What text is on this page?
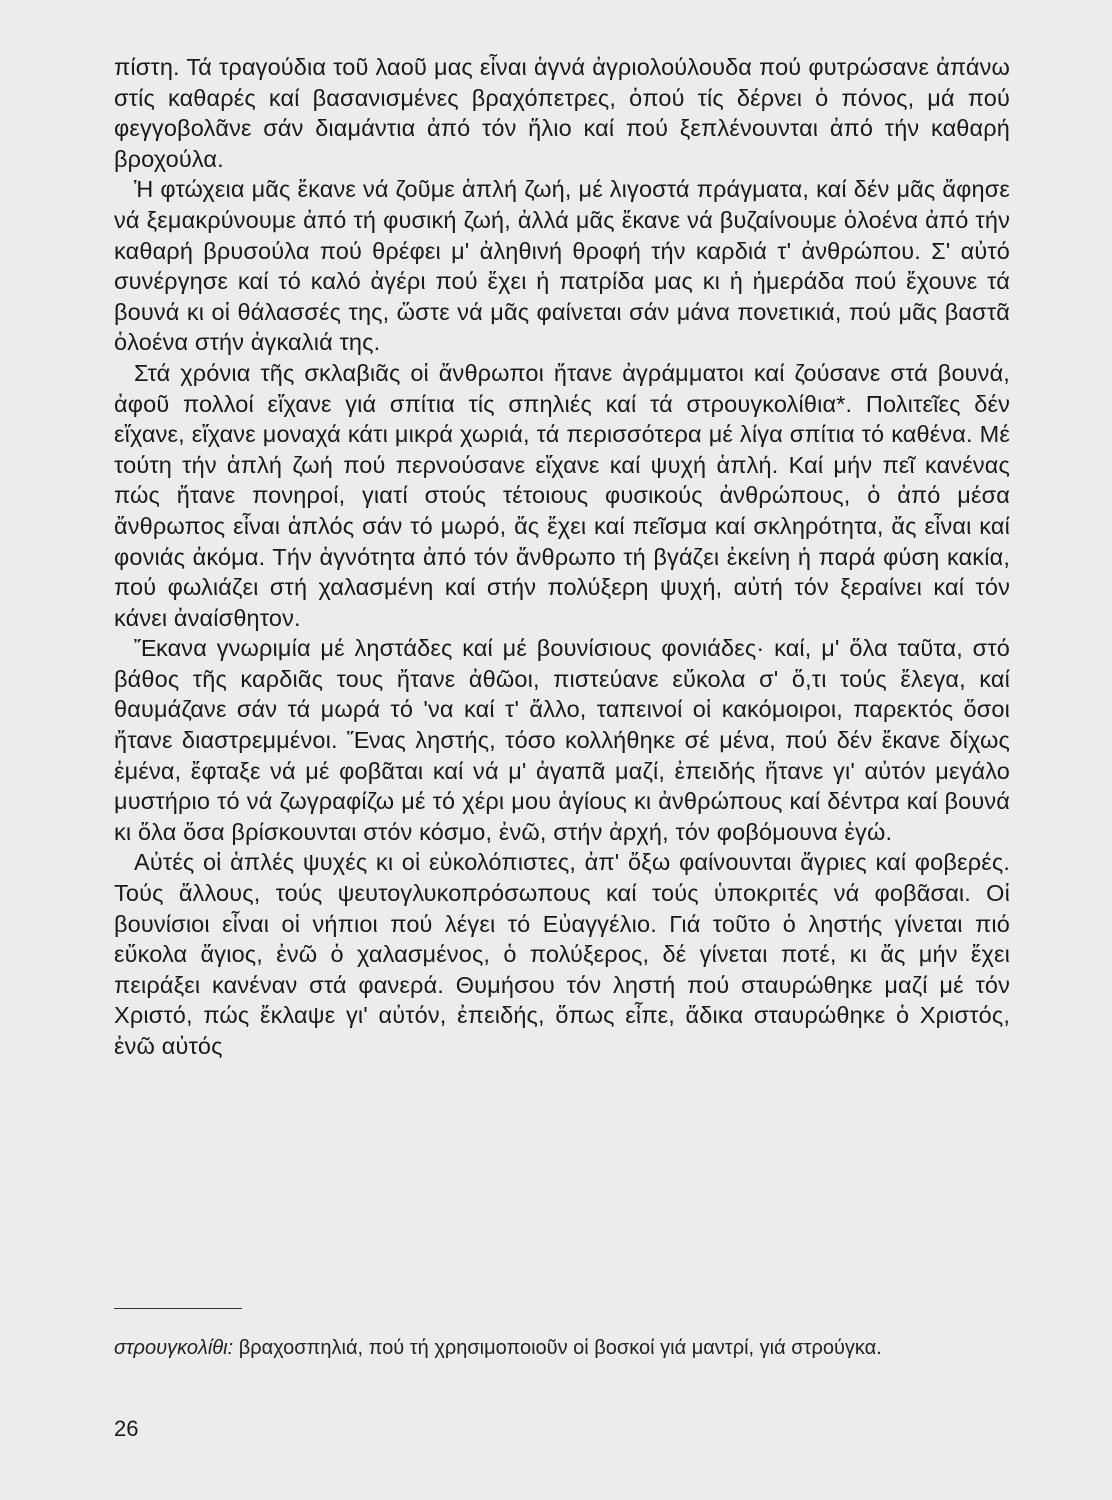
πίστη. Τά τραγούδια τοῦ λαοῦ μας εἶναι ἁγνά ἀγριολούλουδα πού φυτρώσανε ἀπάνω στίς καθαρές καί βασανισμένες βραχόπετρες, ὁπού τίς δέρνει ὁ πόνος, μά πού φεγγοβολᾶνε σάν διαμάντια ἀπό τόν ἥλιο καί πού ξεπλένουνται ἀπό τήν καθαρή βροχούλα.

Ἡ φτώχεια μᾶς ἔκανε νά ζοῦμε ἁπλή ζωή, μέ λιγοστά πράγματα, καί δέν μᾶς ἄφησε νά ξεμακρύνουμε ἀπό τή φυσική ζωή, ἀλλά μᾶς ἔκανε νά βυζαίνουμε ὁλοένα ἀπό τήν καθαρή βρυσούλα πού θρέφει μ' ἀληθινή θροφή τήν καρδιά τ' ἀνθρώπου. Σ' αὐτό συνέργησε καί τό καλό ἀγέρι πού ἔχει ἡ πατρίδα μας κι ἡ ἡμεράδα πού ἔχουνε τά βουνά κι οἱ θάλασσές της, ὥστε νά μᾶς φαίνεται σάν μάνα πονετικιά, πού μᾶς βαστᾶ ὁλοένα στήν ἀγκαλιά της.

Στά χρόνια τῆς σκλαβιᾶς οἱ ἄνθρωποι ἤτανε ἀγράμματοι καί ζούσανε στά βουνά, ἀφοῦ πολλοί εἴχανε γιά σπίτια τίς σπηλιές καί τά στρουγκολίθια*. Πολιτεῖες δέν εἴχανε, εἴχανε μοναχά κάτι μικρά χωριά, τά περισσότερα μέ λίγα σπίτια τό καθένα. Μέ τούτη τήν ἁπλή ζωή πού περνούσανε εἴχανε καί ψυχή ἁπλή. Καί μήν πεῖ κανένας πώς ἤτανε πονηροί, γιατί στούς τέτοιους φυσικούς ἀνθρώπους, ὁ ἀπό μέσα ἄνθρωπος εἶναι ἁπλός σάν τό μωρό, ἄς ἔχει καί πεῖσμα καί σκληρότητα, ἄς εἶναι καί φονιάς ἀκόμα. Τήν ἁγνότητα ἀπό τόν ἄνθρωπο τή βγάζει ἐκείνη ἡ παρά φύση κακία, πού φωλιάζει στή χαλασμένη καί στήν πολύξερη ψυχή, αὐτή τόν ξεραίνει καί τόν κάνει ἀναίσθητον.

Ἔκανα γνωριμία μέ ληστάδες καί μέ βουνίσιους φονιάδες· καί, μ' ὅλα ταῦτα, στό βάθος τῆς καρδιᾶς τους ἤτανε ἀθῶοι, πιστεύανε εὔκολα σ' ὅ,τι τούς ἔλεγα, καί θαυμάζανε σάν τά μωρά τό 'να καί τ' ἄλλο, ταπεινοί οἱ κακόμοιροι, παρεκτός ὅσοι ἤτανε διαστρεμμένοι. Ἕνας ληστής, τόσο κολλήθηκε σέ μένα, πού δέν ἔκανε δίχως ἐμένα, ἔφταξε νά μέ φοβᾶται καί νά μ' ἀγαπᾶ μαζί, ἐπειδής ἤτανε γι' αὐτόν μεγάλο μυστήριο τό νά ζωγραφίζω μέ τό χέρι μου ἁγίους κι ἀνθρώπους καί δέντρα καί βουνά κι ὅλα ὅσα βρίσκουνται στόν κόσμο, ἐνῶ, στήν ἀρχή, τόν φοβόμουνα ἐγώ.

Αὐτές οἱ ἁπλές ψυχές κι οἱ εὐκολόπιστες, ἀπ' ὄξω φαίνουνται ἄγριες καί φοβερές. Τούς ἄλλους, τούς ψευτογλυκοπρόσωπους καί τούς ὑποκριτές νά φοβᾶσαι. Οἱ βουνίσιοι εἶναι οἱ νήπιοι πού λέγει τό Εὐαγγέλιο. Γιά τοῦτο ὁ ληστής γίνεται πιό εὔκολα ἅγιος, ἐνῶ ὁ χαλασμένος, ὁ πολύξερος, δέ γίνεται ποτέ, κι ἄς μήν ἔχει πειράξει κανέναν στά φανερά. Θυμήσου τόν ληστή πού σταυρώθηκε μαζί μέ τόν Χριστό, πώς ἔκλαψε γι' αὐτόν, ἐπειδής, ὅπως εἶπε, ἄδικα σταυρώθηκε ὁ Χριστός, ἐνῶ αὐτός

στρουγκολίθι: βραχοσπηλιά, πού τή χρησιμοποιοῦν οἱ βοσκοί γιά μαντρί, γιά στρούγκα.

26
